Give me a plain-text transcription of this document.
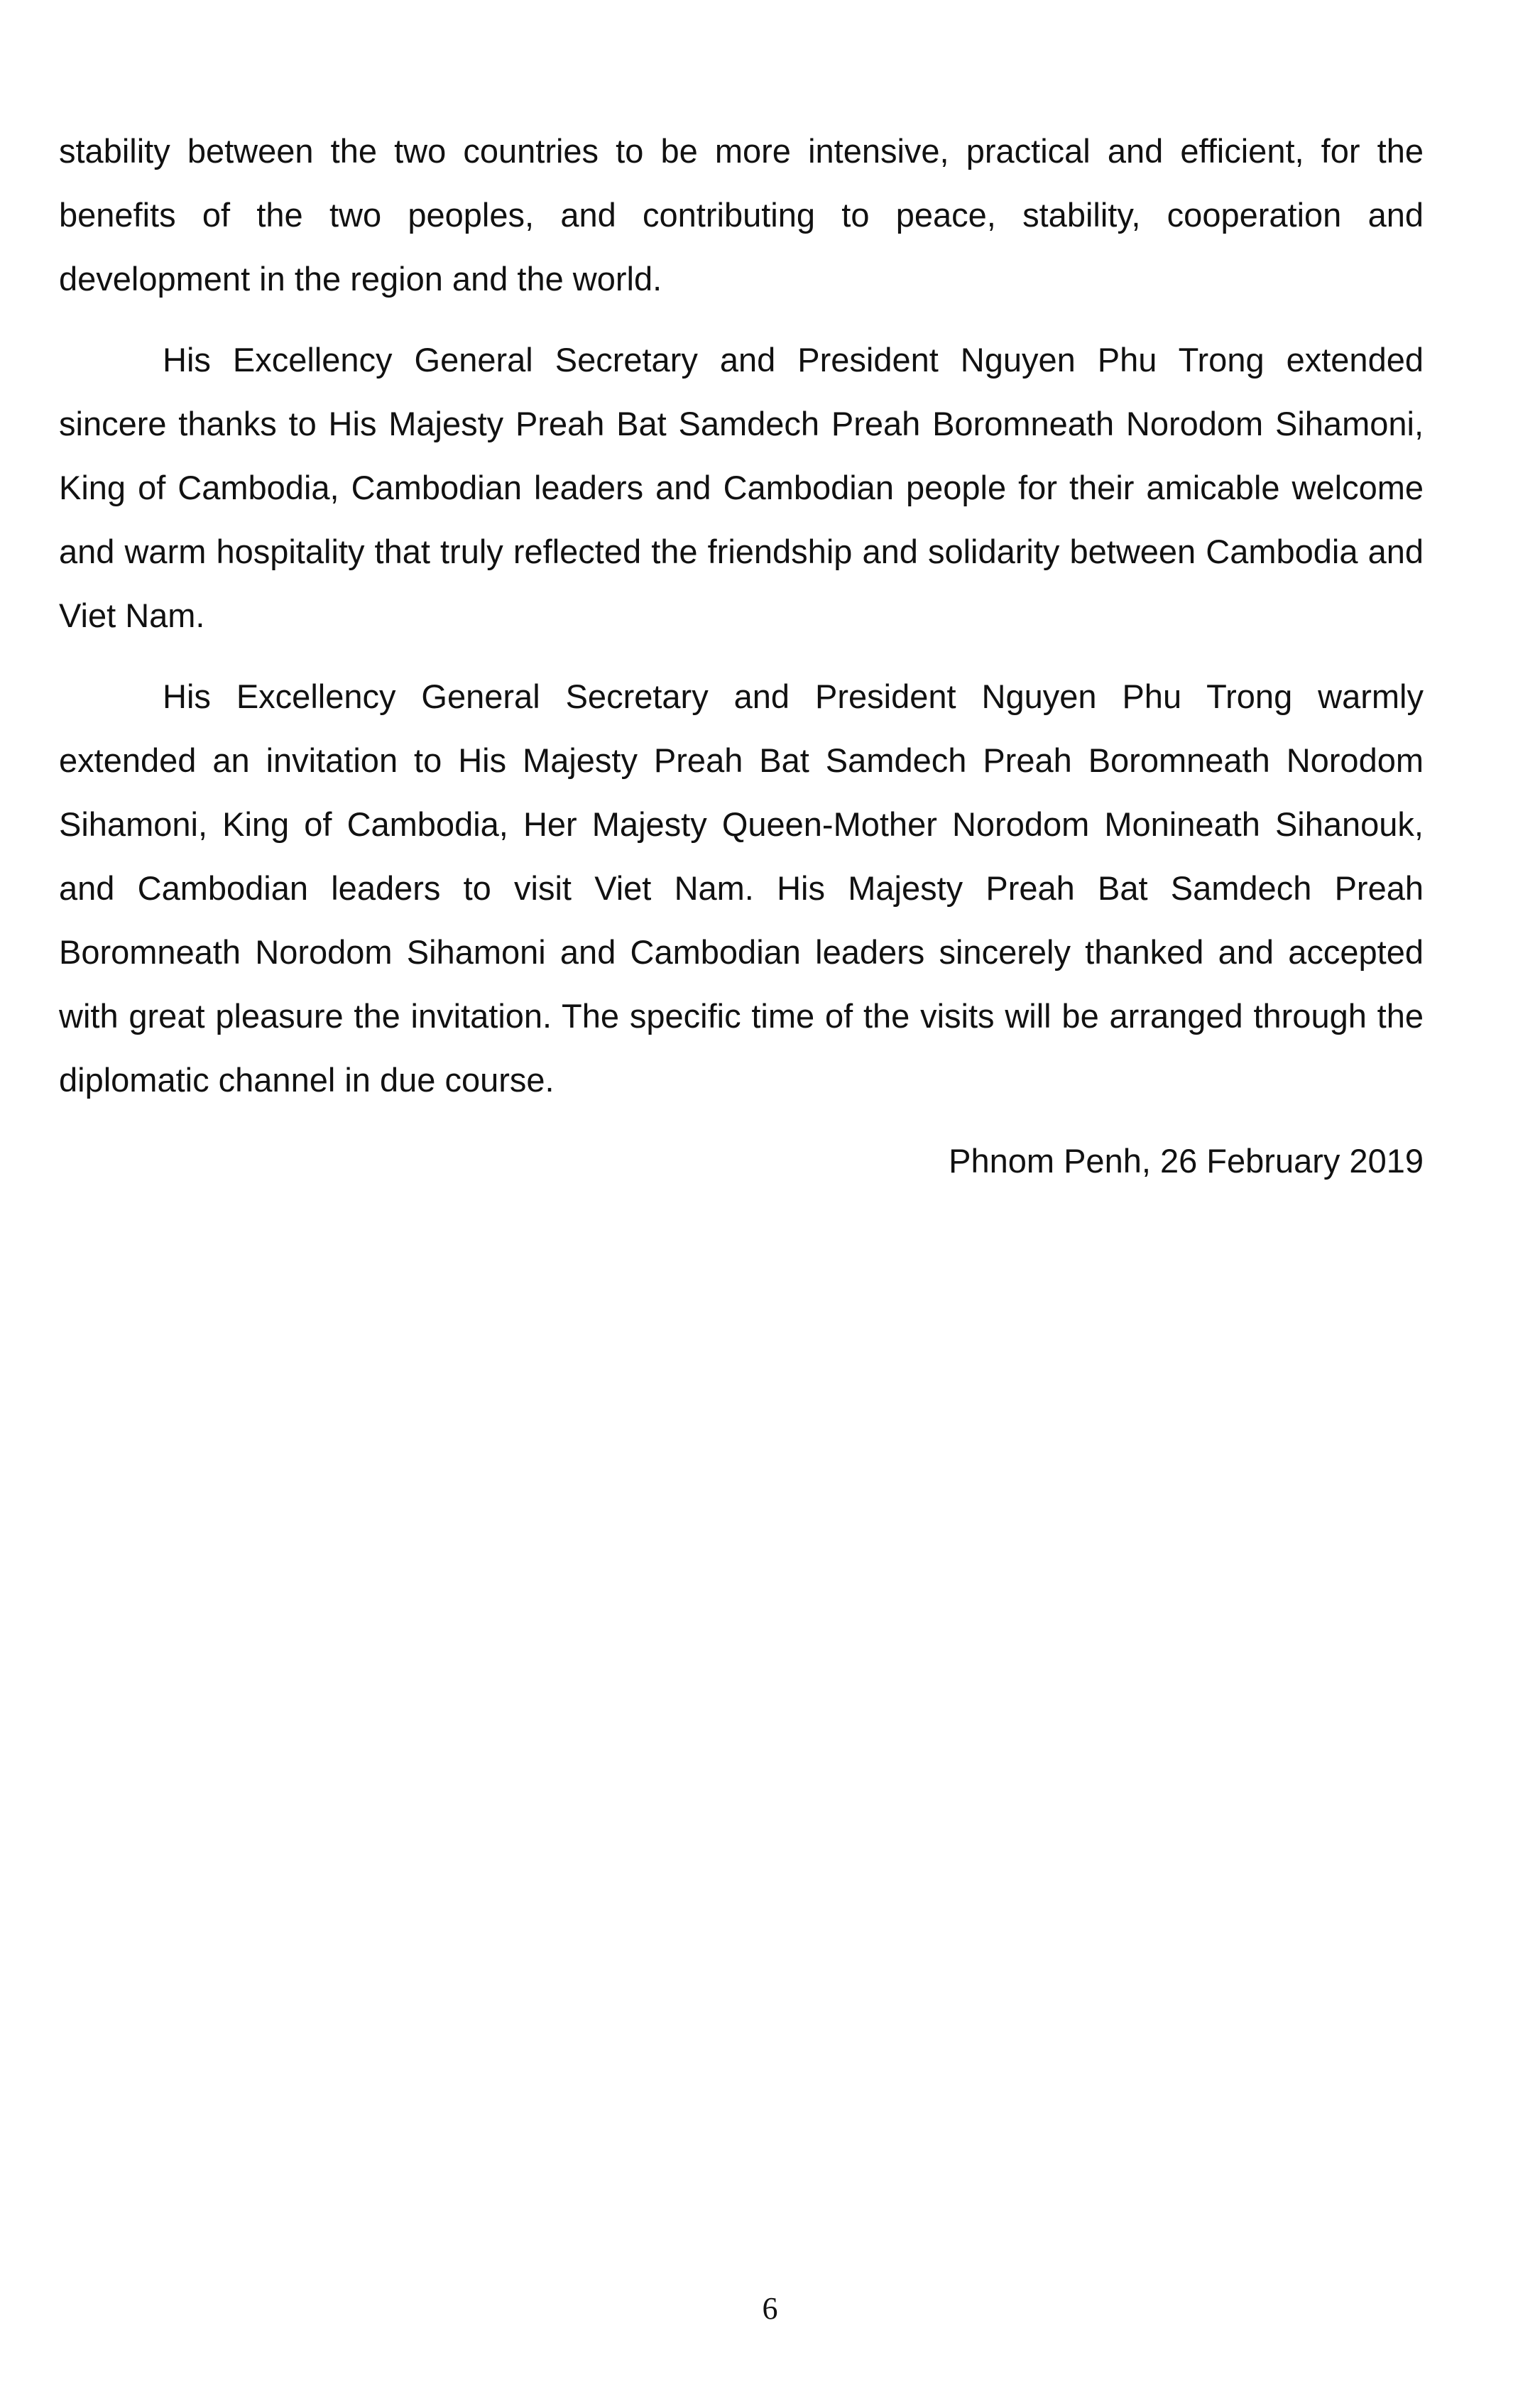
stability between the two countries to be more intensive, practical and efficient, for the benefits of the two peoples, and contributing to peace, stability, cooperation and development in the region and the world.

His Excellency General Secretary and President Nguyen Phu Trong extended sincere thanks to His Majesty Preah Bat Samdech Preah Boromneath Norodom Sihamoni, King of Cambodia, Cambodian leaders and Cambodian people for their amicable welcome and warm hospitality that truly reflected the friendship and solidarity between Cambodia and Viet Nam.

His Excellency General Secretary and President Nguyen Phu Trong warmly extended an invitation to His Majesty Preah Bat Samdech Preah Boromneath Norodom Sihamoni, King of Cambodia, Her Majesty Queen-Mother Norodom Monineath Sihanouk, and Cambodian leaders to visit Viet Nam. His Majesty Preah Bat Samdech Preah Boromneath Norodom Sihamoni and Cambodian leaders sincerely thanked and accepted with great pleasure the invitation. The specific time of the visits will be arranged through the diplomatic channel in due course.

Phnom Penh, 26 February 2019

6
